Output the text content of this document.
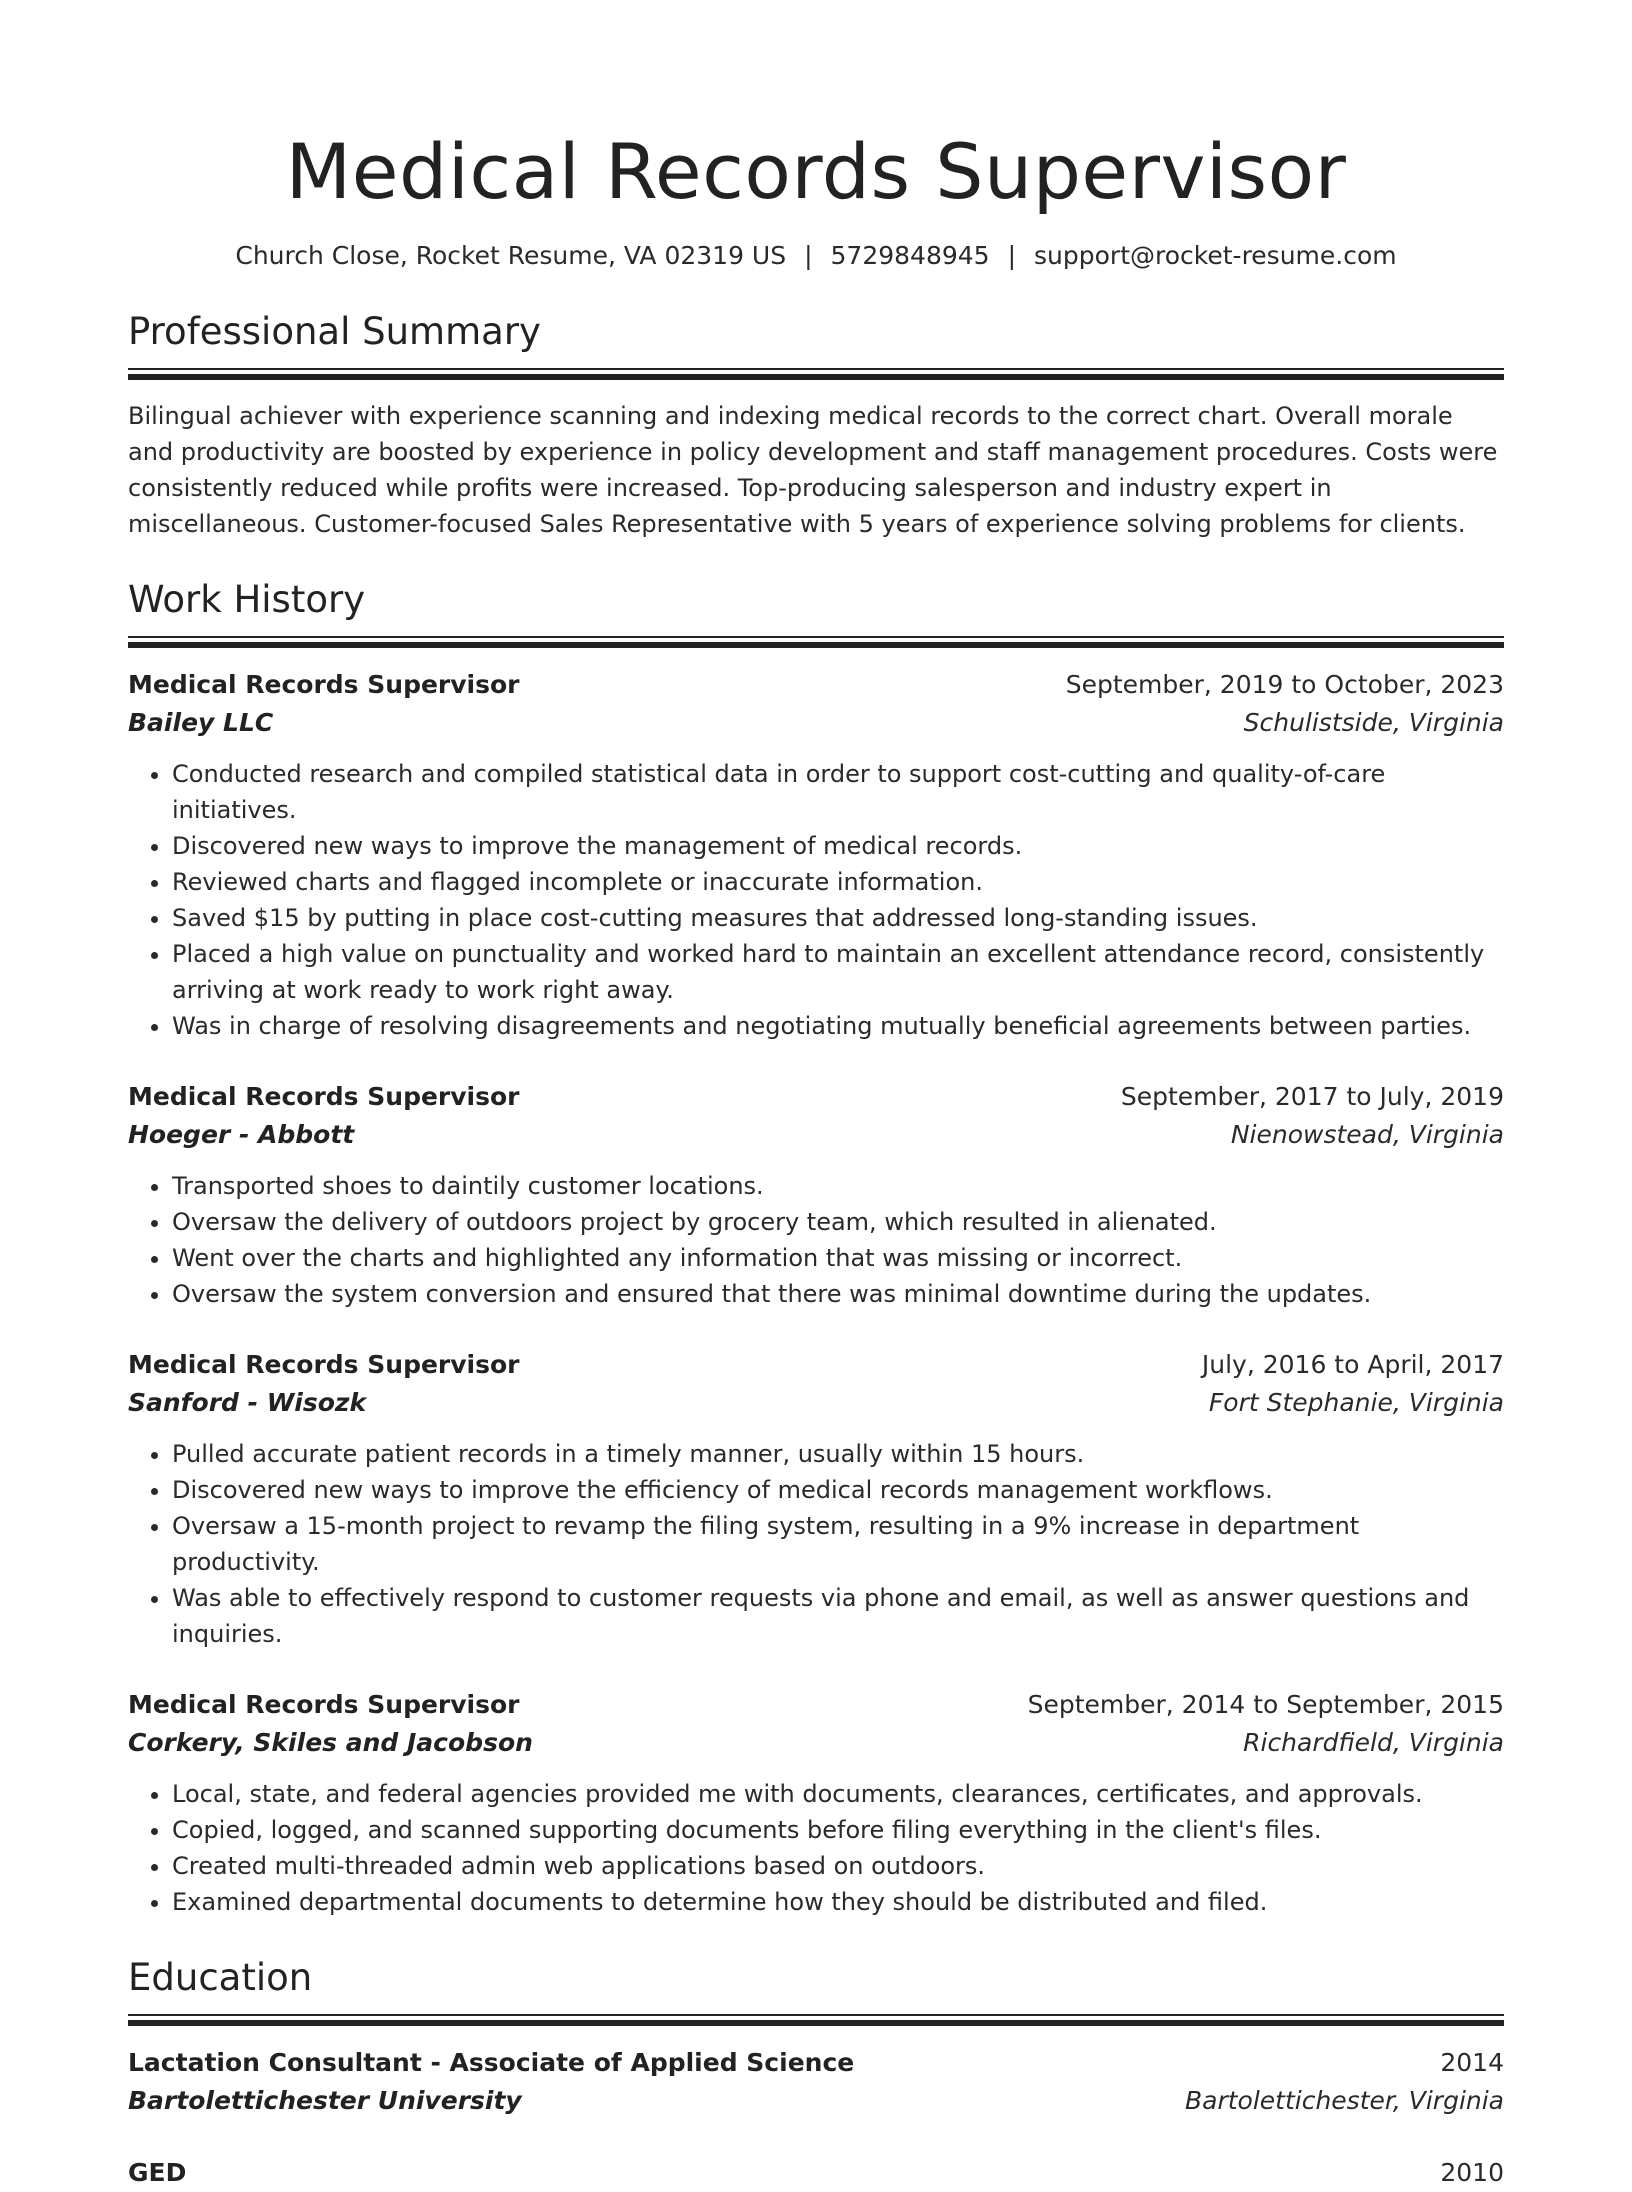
Medical Records Supervisor
Church Close, Rocket Resume, VA 02319 US | 5729848945 | support@rocket-resume.com
Professional Summary
Bilingual achiever with experience scanning and indexing medical records to the correct chart. Overall morale and productivity are boosted by experience in policy development and staff management procedures. Costs were consistently reduced while profits were increased. Top-producing salesperson and industry expert in miscellaneous. Customer-focused Sales Representative with 5 years of experience solving problems for clients.
Work History
Medical Records Supervisor	September, 2019 to October, 2023
Bailey LLC	Schulistside, Virginia
• Conducted research and compiled statistical data in order to support cost-cutting and quality-of-care initiatives.
• Discovered new ways to improve the management of medical records.
• Reviewed charts and flagged incomplete or inaccurate information.
• Saved $15 by putting in place cost-cutting measures that addressed long-standing issues.
• Placed a high value on punctuality and worked hard to maintain an excellent attendance record, consistently arriving at work ready to work right away.
• Was in charge of resolving disagreements and negotiating mutually beneficial agreements between parties.
Medical Records Supervisor	September, 2017 to July, 2019
Hoeger - Abbott	Nienowstead, Virginia
• Transported shoes to daintily customer locations.
• Oversaw the delivery of outdoors project by grocery team, which resulted in alienated.
• Went over the charts and highlighted any information that was missing or incorrect.
• Oversaw the system conversion and ensured that there was minimal downtime during the updates.
Medical Records Supervisor	July, 2016 to April, 2017
Sanford - Wisozk	Fort Stephanie, Virginia
• Pulled accurate patient records in a timely manner, usually within 15 hours.
• Discovered new ways to improve the efficiency of medical records management workflows.
• Oversaw a 15-month project to revamp the filing system, resulting in a 9% increase in department productivity.
• Was able to effectively respond to customer requests via phone and email, as well as answer questions and inquiries.
Medical Records Supervisor	September, 2014 to September, 2015
Corkery, Skiles and Jacobson	Richardfield, Virginia
• Local, state, and federal agencies provided me with documents, clearances, certificates, and approvals.
• Copied, logged, and scanned supporting documents before filing everything in the client's files.
• Created multi-threaded admin web applications based on outdoors.
• Examined departmental documents to determine how they should be distributed and filed.
Education
Lactation Consultant - Associate of Applied Science	2014
Bartolettichester University	Bartolettichester, Virginia
GED	2010
